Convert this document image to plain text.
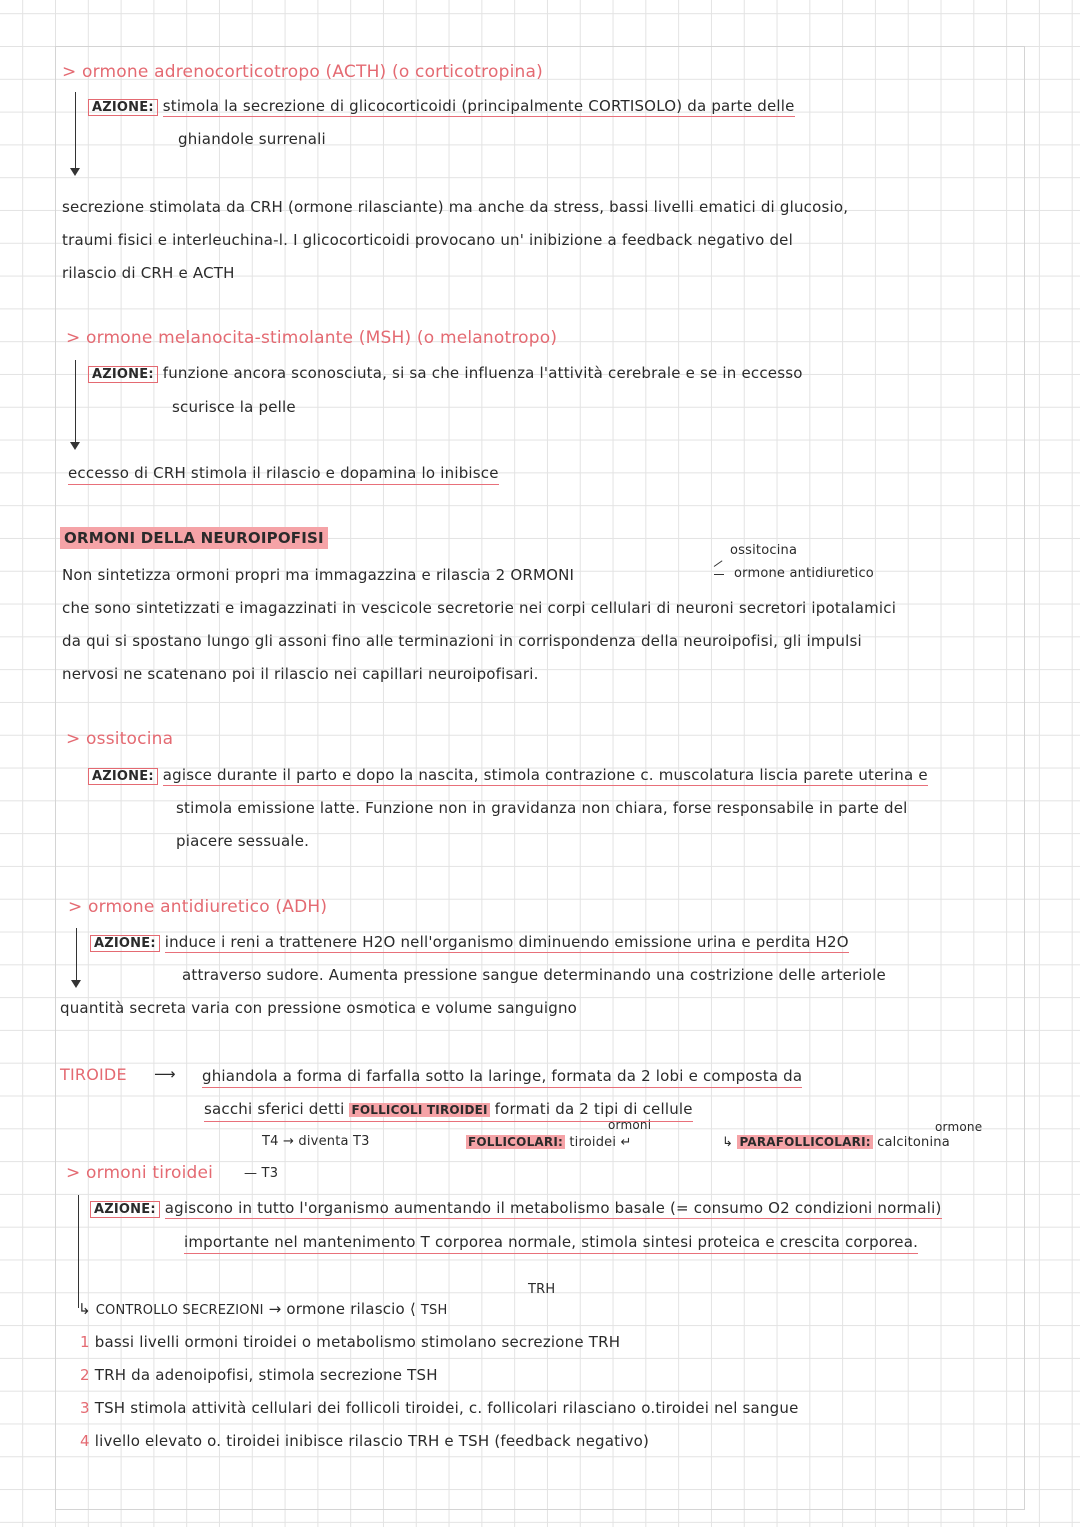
> ormone adrenocorticotropo (ACTH) (o corticotropina)
AZIONE: stimola la secrezione di glicocorticoidi (principalmente CORTISOLO) da parte delle
ghiandole surrenali
secrezione stimolata da CRH (ormone rilasciante) ma anche da stress, bassi livelli ematici di glucosio,
traumi fisici e interleuchina-l. I glicocorticoidi provocano un' inibizione a feedback negativo del
rilascio di CRH e ACTH
> ormone melanocita-stimolante (MSH) (o melanotropo)
AZIONE: funzione ancora sconosciuta, si sa che influenza l'attività cerebrale e se in eccesso
scurisce la pelle
eccesso di CRH stimola il rilascio e dopamina lo inibisce
ORMONI DELLA NEUROIPOFISI
ossitocina
ormone antidiuretico
Non sintetizza ormoni propri ma immagazzina e rilascia 2 ORMONI
che sono sintetizzati e imagazzinati in vescicole secretorie nei corpi cellulari di neuroni secretori ipotalamici
da qui si spostano lungo gli assoni fino alle terminazioni in corrispondenza della neuroipofisi, gli impulsi
nervosi ne scatenano poi il rilascio nei capillari neuroipofisari.
> ossitocina
AZIONE: agisce durante il parto e dopo la nascita, stimola contrazione c. muscolatura liscia parete uterina e
stimola emissione latte. Funzione non in gravidanza non chiara, forse responsabile in parte del
piacere sessuale.
> ormone antidiuretico (ADH)
AZIONE: induce i reni a trattenere H2O nell'organismo diminuendo emissione urina e perdita H2O
attraverso sudore. Aumenta pressione sangue determinando una costrizione delle arteriole
quantità secreta varia con pressione osmotica e volume sanguigno
TIROIDE ⟶ ghiandola a forma di farfalla sotto la laringe, formata da 2 lobi e composta da
sacchi sferici detti FOLLICOLI TIROIDEI formati da 2 tipi di cellule
ormoni	ormone
T4 → diventa T3	FOLLICOLARI: tiroidei ↵	↳ PARAFOLLICOLARI: calcitonina
> ormoni tiroidei — T3
AZIONE: agiscono in tutto l'organismo aumentando il metabolismo basale (= consumo O2 condizioni normali)
importante nel mantenimento T corporea normale, stimola sintesi proteica e crescita corporea.
TRH
↳ CONTROLLO SECREZIONI → ormone rilascio ⟨ TSH
1 bassi livelli ormoni tiroidei o metabolismo stimolano secrezione TRH
2 TRH da adenoipofisi, stimola secrezione TSH
3 TSH stimola attività cellulari dei follicoli tiroidei, c. follicolari rilasciano o.tiroidei nel sangue
4 livello elevato o. tiroidei inibisce rilascio TRH e TSH (feedback negativo)
